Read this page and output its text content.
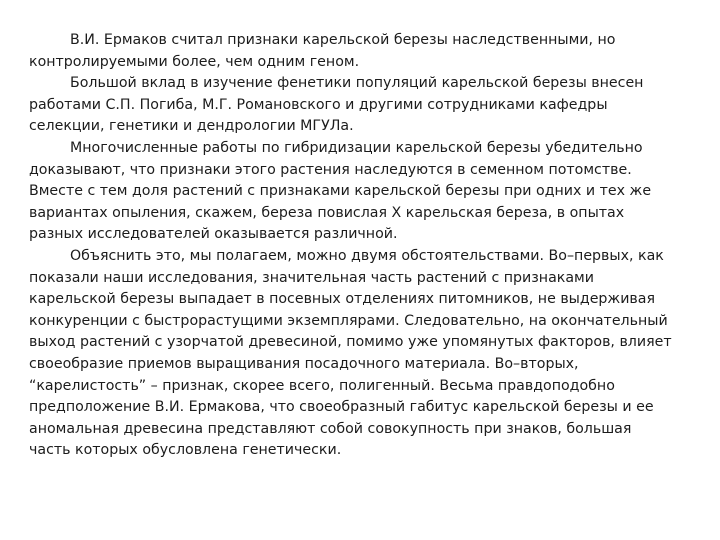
В.И. Ермаков считал признаки карельской березы наследственными, но
контролируемыми более, чем одним геном.
Большой вклад в изучение фенетики популяций карельской березы внесен
работами С.П. Погиба, М.Г. Романовского и другими сотрудниками кафедры
селекции, генетики и дендрологии МГУЛа.
Многочисленные работы по гибридизации карельской березы убедительно
доказывают, что признаки этого растения наследуются в семенном потомстве.
Вместе с тем доля растений с признаками карельской березы при одних и тех же
вариантах опыления, скажем, береза повислая Х карельская береза, в опытах
разных исследователей оказывается различной.
Объяснить это, мы полагаем, можно двумя обстоятельствами. Во–первых, как
показали наши исследования, значительная часть растений с признаками
карельской березы выпадает в посевных отделениях питомников, не выдерживая
конкуренции с быстрорастущими экземплярами. Следовательно, на окончательный
выход растений с узорчатой древесиной, помимо уже упомянутых факторов, влияет
своеобразие приемов выращивания посадочного материала. Во–вторых,
“карелистость” – признак, скорее всего, полигенный. Весьма правдоподобно
предположение В.И. Ермакова, что своеобразный габитус карельской березы и ее
аномальная древесина представляют собой совокупность при знаков, большая
часть которых обусловлена генетически.
